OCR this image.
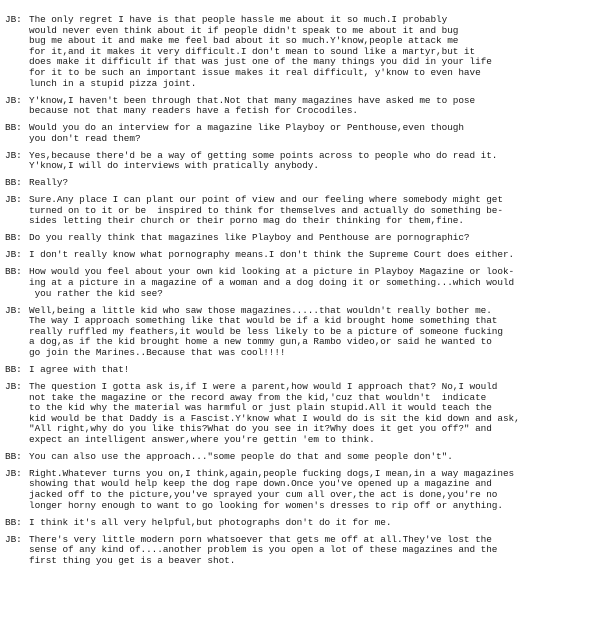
JB: The only regret I have is that people hassle me about it so much.I probably
would never even think about it if people didn't speak to me about it and bug
bug me about it and make me feel bad about it so much.Y'know,people attack me
for it,and it makes it very difficult.I don't mean to sound like a martyr,but it
does make it difficult if that was just one of the many things you did in your life
for it to be such an important issue makes it real difficult, y'know to even have
lunch in a stupid pizza joint.
JB: Y'know,I haven't been through that.Not that many magazines have asked me to pose
because not that many readers have a fetish for Crocodiles.
BB: Would you do an interview for a magazine like Playboy or Penthouse,even though
you don't read them?
JB: Yes,because there'd be a way of getting some points across to people who do read it.
Y'know,I will do interviews with pratically anybody.
BB: Really?
JB: Sure.Any place I can plant our point of view and our feeling where somebody might get
turned on to it or be  inspired to think for themselves and actually do something be-
sides letting their church or their porno mag do their thinking for them,fine.
BB: Do you really think that magazines like Playboy and Penthouse are pornographic?
JB: I don't really know what pornography means.I don't think the Supreme Court does either.
BB: How would you feel about your own kid looking at a picture in Playboy Magazine or look-
ing at a picture in a magazine of a woman and a dog doing it or something...which would
you rather the kid see?
JB: Well,being a little kid who saw those magazines.....that wouldn't really bother me.
The way I approach something like that would be if a kid brought home something that
really ruffled my feathers,it would be less likely to be a picture of someone fucking
a dog,as if the kid brought home a new tommy gun,a Rambo video,or said he wanted to
go join the Marines..Because that was cool!!!!
BB: I agree with that!
JB: The question I gotta ask is,if I were a parent,how would I approach that? No,I would
not take the magazine or the record away from the kid,'cuz that wouldn't  indicate
to the kid why the material was harmful or just plain stupid.All it would teach the
kid would be that Daddy is a Fascist.Y'know what I would do is sit the kid down and ask,
"All right,why do you like this?What do you see in it?Why does it get you off?" and
expect an intelligent answer,where you're gettin 'em to think.
BB: You can also use the approach..."some people do that and some people don't".
JB: Right.Whatever turns you on,I think,again,people fucking dogs,I mean,in a way magazines
showing that would help keep the dog rape down.Once you've opened up a magazine and
jacked off to the picture,you've sprayed your cum all over,the act is done,you're no
longer horny enough to want to go looking for women's dresses to rip off or anything.
BB: I think it's all very helpful,but photographs don't do it for me.
JB: There's very little modern porn whatsoever that gets me off at all.They've lost the
sense of any kind of....another problem is you open a lot of these magazines and the
first thing you get is a beaver shot.
